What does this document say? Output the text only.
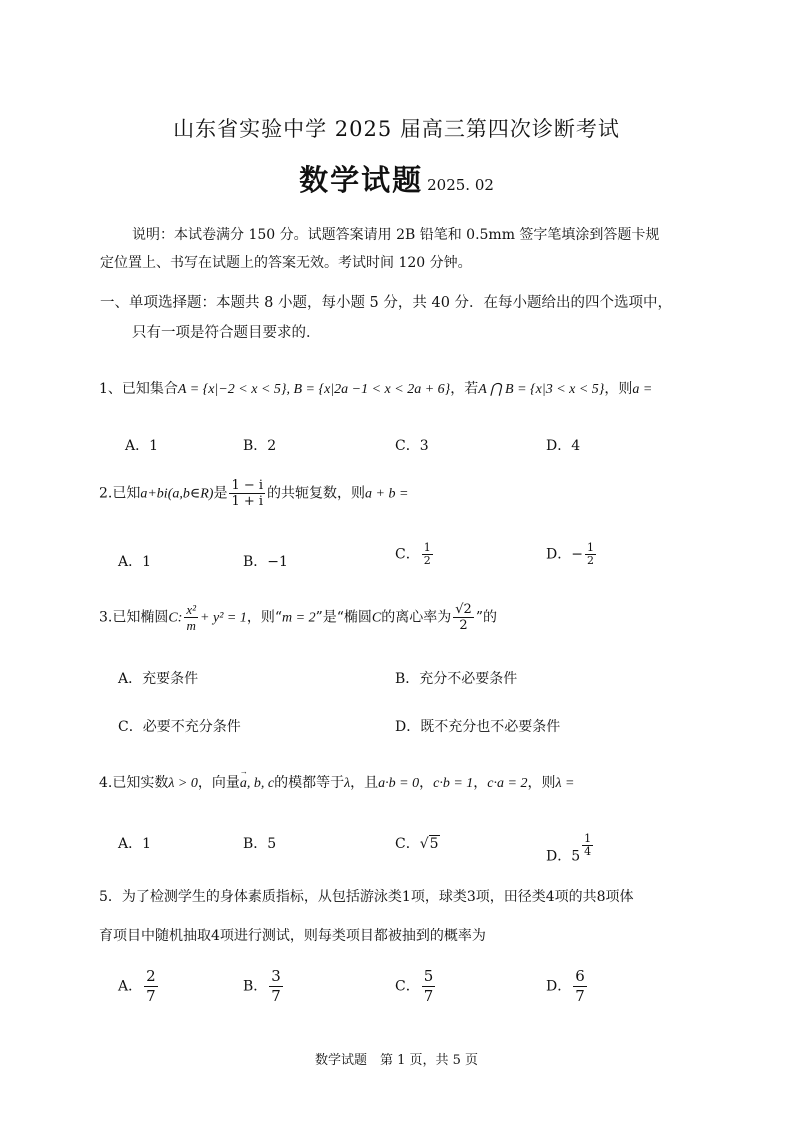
山东省实验中学 2025 届高三第四次诊断考试
数学试题 2025. 02
说明：本试卷满分 150 分。试题答案请用 2B 铅笔和 0.5mm 签字笔填涂到答题卡规
定位置上、书写在试题上的答案无效。考试时间 120 分钟。
一、单项选择题：本题共 8 小题，每小题 5 分，共 40 分．在每小题给出的四个选项中，
只有一项是符合题目要求的．
1、已知集合A = {x|−2 < x < 5}, B = {x|2a −1 < x < 2a + 6}，若A ⋂ B = {x|3 < x < 5}，则a =
A．1	B．2	C．3	D．4
2.已知a+bi(a,b∈R)是 $\frac{1 - i}{1 + i}$ 的共轭复数，则a + b =
A．1	B．−1	C． $\frac{1}{2}$	D．− $\frac{1}{2}$
3.已知椭圆C: $\frac{\text{x²}}{m} + y^2 = 1$，则“m = 2”是“椭圆C的离心率为 $\frac{√2}{2}$ ”的
A．充要条件	B．充分不必要条件
C．必要不充分条件	D．既不充分也不必要条件
4.已知实数λ > 0，向量→ a, b, c的模都等于λ，且a·b = 0，c·b = 1，c·a = 2，则λ =
A．1	B．5	C．√5
D．5 $^{\frac{1}{4}}$
5．为了检测学生的身体素质指标，从包括游泳类1项，球类3项，田径类4项的共8项体
育项目中随机抽取4项进行测试，则每类项目都被抽到的概率为
A． $\frac{2}{7}$	B． $\frac{3}{7}$	C． $\frac{5}{7}$	D． $\frac{6}{7}$
数学试题　第 1 页，共 5 页
